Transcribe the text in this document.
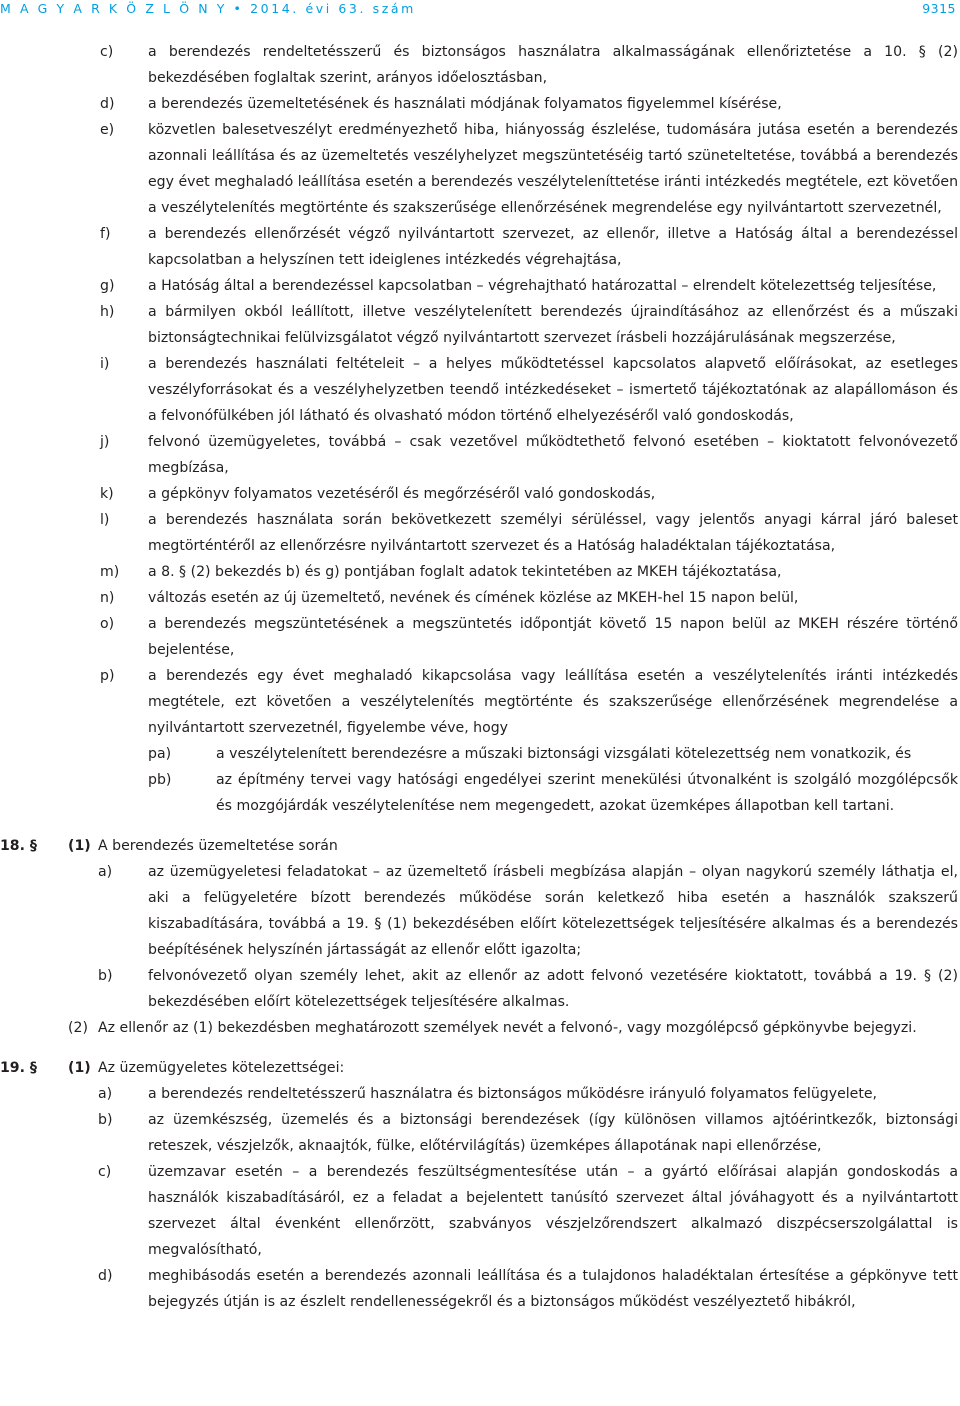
M A G Y A R K Ö Z L Ö N Y • 2014. évi 63. szám	9315
c)	a berendezés rendeltetésszerű és biztonságos használatra alkalmasságának ellenőriztetése a 10. § (2) bekezdésében foglaltak szerint, arányos időelosztásban,
d)	a berendezés üzemeltetésének és használati módjának folyamatos figyelemmel kísérése,
e)	közvetlen balesetveszélyt eredményezhető hiba, hiányosság észlelése, tudomására jutása esetén a berendezés azonnali leállítása és az üzemeltetés veszélyhelyzet megszüntetéséig tartó szüneteltetése, továbbá a berendezés egy évet meghaladó leállítása esetén a berendezés veszélyteleníttetése iránti intézkedés megtétele, ezt követően a veszélytelenítés megtörténte és szakszerűsége ellenőrzésének megrendelése egy nyilvántartott szervezetnél,
f)	a berendezés ellenőrzését végző nyilvántartott szervezet, az ellenőr, illetve a Hatóság által a berendezéssel kapcsolatban a helyszínen tett ideiglenes intézkedés végrehajtása,
g)	a Hatóság által a berendezéssel kapcsolatban – végrehajtható határozattal – elrendelt kötelezettség teljesítése,
h)	a bármilyen okból leállított, illetve veszélytelenített berendezés újraindításához az ellenőrzést és a műszaki biztonságtechnikai felülvizsgálatot végző nyilvántartott szervezet írásbeli hozzájárulásának megszerzése,
i)	a berendezés használati feltételeit – a helyes működtetéssel kapcsolatos alapvető előírásokat, az esetleges veszélyforrásokat és a veszélyhelyzetben teendő intézkedéseket – ismertető tájékoztatónak az alapállomáson és a felvonófülkében jól látható és olvasható módon történő elhelyezéséről való gondoskodás,
j)	felvonó üzemügyeletes, továbbá – csak vezetővel működtethető felvonó esetében – kioktatott felvonóvezető megbízása,
k)	a gépkönyv folyamatos vezetéséről és megőrzéséről való gondoskodás,
l)	a berendezés használata során bekövetkezett személyi sérüléssel, vagy jelentős anyagi kárral járó baleset megtörténtéről az ellenőrzésre nyilvántartott szervezet és a Hatóság haladéktalan tájékoztatása,
m)	a 8. § (2) bekezdés b) és g) pontjában foglalt adatok tekintetében az MKEH tájékoztatása,
n)	változás esetén az új üzemeltető, nevének és címének közlése az MKEH-hel 15 napon belül,
o)	a berendezés megszüntetésének a megszüntetés időpontját követő 15 napon belül az MKEH részére történő bejelentése,
p)	a berendezés egy évet meghaladó kikapcsolása vagy leállítása esetén a veszélytelenítés iránti intézkedés megtétele, ezt követően a veszélytelenítés megtörténte és szakszerűsége ellenőrzésének megrendelése a nyilvántartott szervezetnél, figyelembe véve, hogy
pa)	a veszélytelenített berendezésre a műszaki biztonsági vizsgálati kötelezettség nem vonatkozik, és
pb)	az építmény tervei vagy hatósági engedélyei szerint menekülési útvonalként is szolgáló mozgólépcsők és mozgójárdák veszélytelenítése nem megengedett, azokat üzemképes állapotban kell tartani.
18. §	(1) A berendezés üzemeltetése során
a)	az üzemügyeletesi feladatokat – az üzemeltető írásbeli megbízása alapján – olyan nagykorú személy láthatja el, aki a felügyeletére bízott berendezés működése során keletkező hiba esetén a használók szakszerű kiszabadítására, továbbá a 19. § (1) bekezdésében előírt kötelezettségek teljesítésére alkalmas és a berendezés beépítésének helyszínén jártasságát az ellenőr előtt igazolta;
b)	felvonóvezető olyan személy lehet, akit az ellenőr az adott felvonó vezetésére kioktatott, továbbá a 19. § (2) bekezdésében előírt kötelezettségek teljesítésére alkalmas.
(2) Az ellenőr az (1) bekezdésben meghatározott személyek nevét a felvonó-, vagy mozgólépcső gépkönyvbe bejegyzi.
19. §	(1) Az üzemügyeletes kötelezettségei:
a)	a berendezés rendeltetésszerű használatra és biztonságos működésre irányuló folyamatos felügyelete,
b)	az üzemkészség, üzemelés és a biztonsági berendezések (így különösen villamos ajtóérintkezők, biztonsági reteszek, vészjelzők, aknaajtók, fülke, előtérvilágítás) üzemképes állapotának napi ellenőrzése,
c)	üzemzavar esetén – a berendezés feszültségmentesítése után – a gyártó előírásai alapján gondoskodás a használók kiszabadításáról, ez a feladat a bejelentett tanúsító szervezet által jóváhagyott és a nyilvántartott szervezet által évenként ellenőrzött, szabványos vészjelzőrendszert alkalmazó diszpécserszolgálattal is megvalósítható,
d)	meghibásodás esetén a berendezés azonnali leállítása és a tulajdonos haladéktalan értesítése a gépkönyve tett bejegyzés útján is az észlelt rendellenességekről és a biztonságos működést veszélyeztető hibákról,
